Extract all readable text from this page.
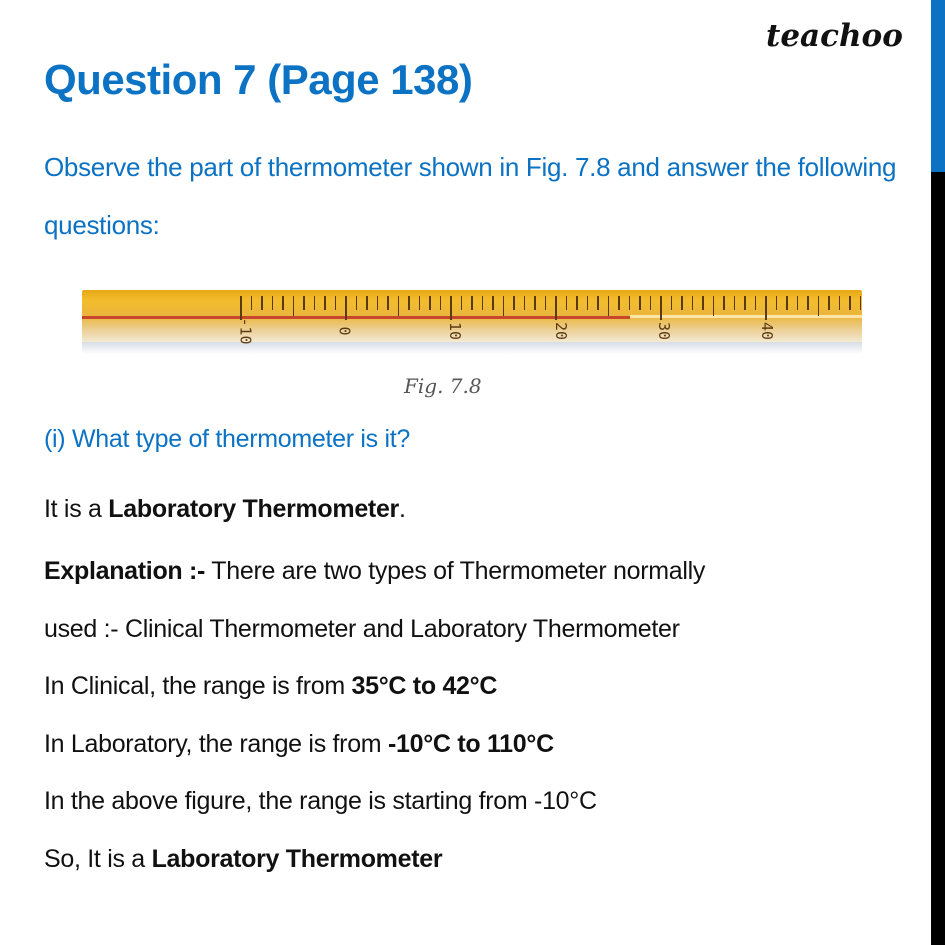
teachoo
Question 7 (Page 138)
Observe the part of thermometer shown in Fig. 7.8 and answer the following questions:
-10	0	10	20	30	40
Fig. 7.8
(i) What type of thermometer is it?
It is a Laboratory Thermometer.
Explanation :- There are two types of Thermometer normally
used :- Clinical Thermometer and Laboratory Thermometer
In Clinical, the range is from 35°C to 42°C
In Laboratory, the range is from -10°C to 110°C
In the above figure, the range is starting from -10°C
So, It is a Laboratory Thermometer
